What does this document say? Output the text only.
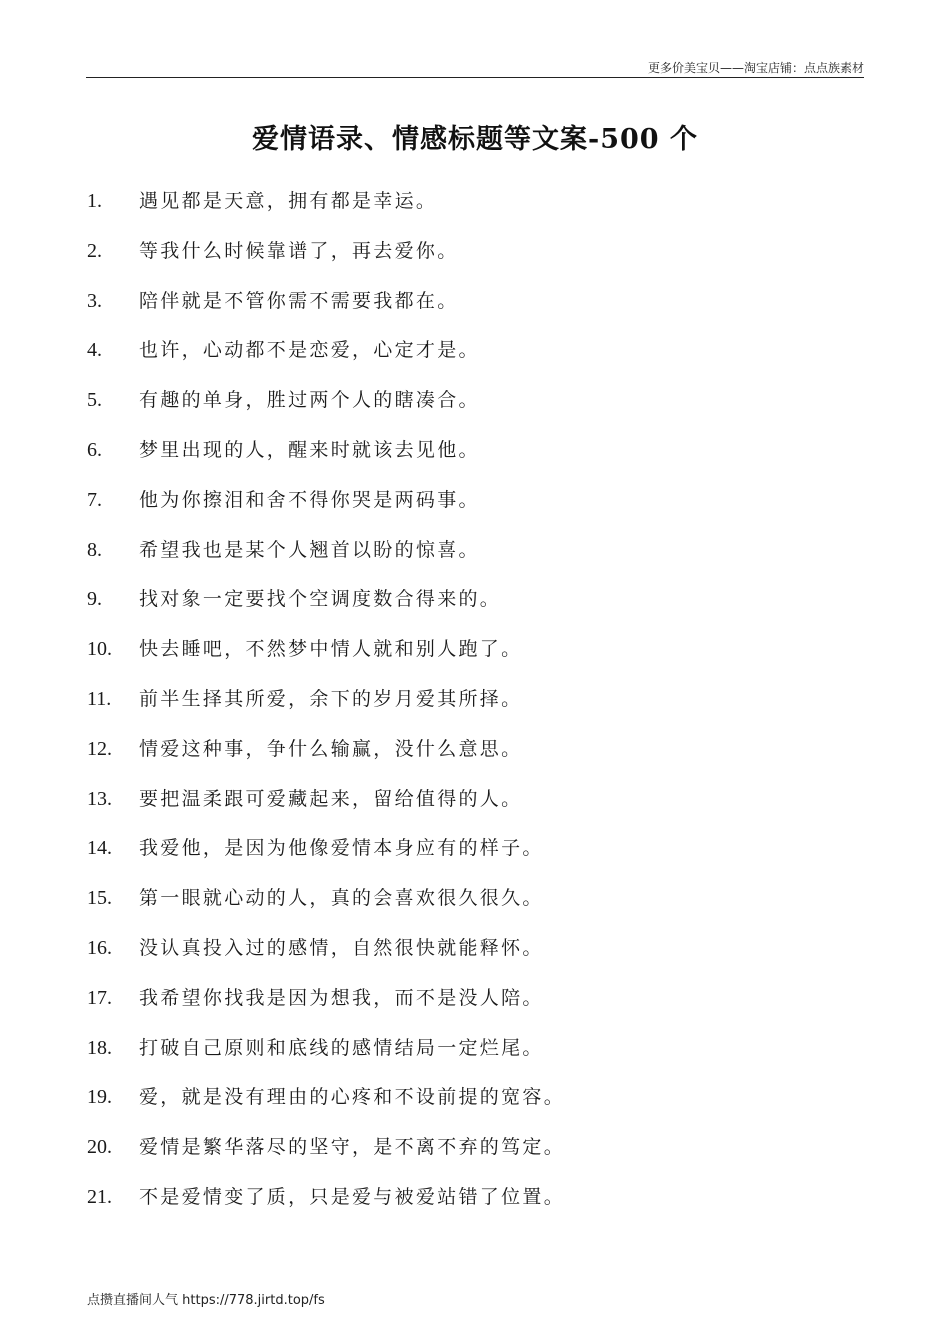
更多价美宝贝——淘宝店铺：点点族素材
爱情语录、情感标题等文案-500 个
1.	遇见都是天意，拥有都是幸运。
2.	等我什么时候靠谱了，再去爱你。
3.	陪伴就是不管你需不需要我都在。
4.	也许，心动都不是恋爱，心定才是。
5.	有趣的单身，胜过两个人的瞎凑合。
6.	梦里出现的人，醒来时就该去见他。
7.	他为你擦泪和舍不得你哭是两码事。
8.	希望我也是某个人翘首以盼的惊喜。
9.	找对象一定要找个空调度数合得来的。
10.	快去睡吧，不然梦中情人就和别人跑了。
11.	前半生择其所爱，余下的岁月爱其所择。
12.	情爱这种事，争什么输赢，没什么意思。
13.	要把温柔跟可爱藏起来，留给值得的人。
14.	我爱他，是因为他像爱情本身应有的样子。
15.	第一眼就心动的人，真的会喜欢很久很久。
16.	没认真投入过的感情，自然很快就能释怀。
17.	我希望你找我是因为想我，而不是没人陪。
18.	打破自己原则和底线的感情结局一定烂尾。
19.	爱，就是没有理由的心疼和不设前提的宽容。
20.	爱情是繁华落尽的坚守，是不离不弃的笃定。
21.	不是爱情变了质，只是爱与被爱站错了位置。
点攒直播间人气 https://778.jirtd.top/fs
